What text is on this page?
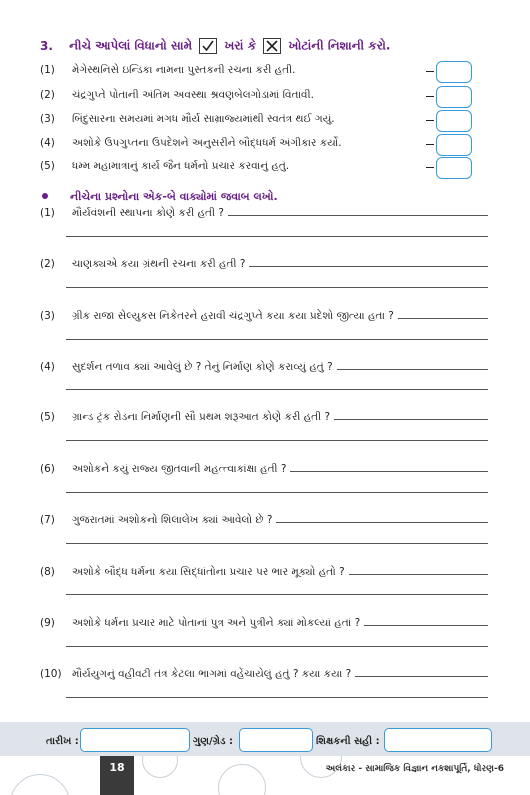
3. નીચે આપેલાં વિધાનો સામે	ખરાં કે	ખોટાંની નિશાની કરો.
(1) મેગેસ્થનિસે ઇન્ડિકા નામના પુસ્તકની રચના કરી હતી.
(2) ચંદ્રગુપ્તે પોતાની અંતિમ અવસ્થા શ્રવણબેલગોડામાં વિતાવી.
(3) બિંદુસારના સમયમાં મગધ મૌર્ય સામ્રાજ્યમાંથી સ્વતંત્ર થઈ ગયું.
(4) અશોકે ઉપગુપ્તના ઉપદેશને અનુસરીને બૌદ્ધધર્મ અંગીકાર કર્યો.
(5) ધમ્મ મહામાત્રાનું કાર્ય જૈન ધર્મનો પ્રચાર કરવાનું હતું.
નીચેના પ્રશ્નોના એક-બે વાક્યોમાં જવાબ લખો.
(1) મૌર્યવંશની સ્થાપના કોણે કરી હતી ?
(2) ચાણક્યએ કયા ગ્રંથની રચના કરી હતી ?
(3) ગ્રીક રાજા સેલ્યુકસ નિકેતરને હરાવી ચંદ્રગુપ્તે કયા કયા પ્રદેશો જીત્યા હતા ?
(4) સુદર્શન તળાવ ક્યાં આવેલું છે ? તેનું નિર્માણ કોણે કરાવ્યું હતું ?
(5) ગ્રાન્ડ ટ્રંક રોડના નિર્માણની સૌ પ્રથમ શરૂઆત કોણે કરી હતી ?
(6) અશોકને કયું રાજ્ય જીતવાની મહત્ત્વાકાંક્ષા હતી ?
(7) ગુજરાતમાં અશોકનો શિલાલેખ ક્યાં આવેલો છે ?
(8) અશોકે બૌદ્ધ ધર્મના કયા સિદ્ધાંતોના પ્રચાર પર ભાર મૂક્યો હતો ?
(9) અશોકે ધર્મના પ્રચાર માટે પોતાનાં પુત્ર અને પુત્રીને ક્યાં મોકલ્યાં હતાં ?
(10) મૌર્યયુગનું વહીવટી તંત્ર કેટલા ભાગમાં વહેંચાયેલું હતું ? કયા કયા ?
તારીખ :	ગુણ/ગ્રેડ :	શિક્ષકની સહી :
18	અલંકાર - સામાજિક વિજ્ઞાન નકશાપૂર્તિ, ધોરણ-6
